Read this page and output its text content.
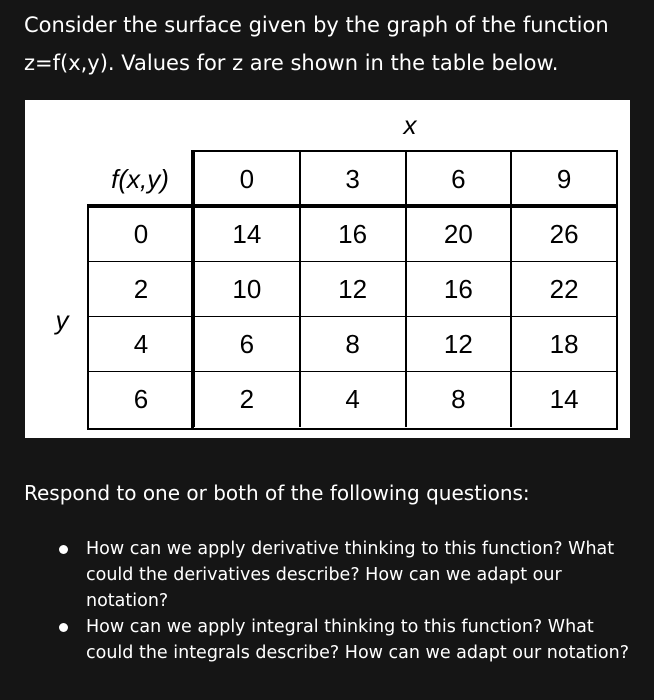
Consider the surface given by the graph of the function
z=f(x,y). Values for z are shown in the table below.
x
y
f(x,y)	0	3	6	9
0	14	16	20	26
2	10	12	16	22
4	6	8	12	18
6	2	4	8	14
Respond to one or both of the following questions:
How can we apply derivative thinking to this function? What could the derivatives describe? How can we adapt our notation?
How can we apply integral thinking to this function? What could the integrals describe? How can we adapt our notation?
